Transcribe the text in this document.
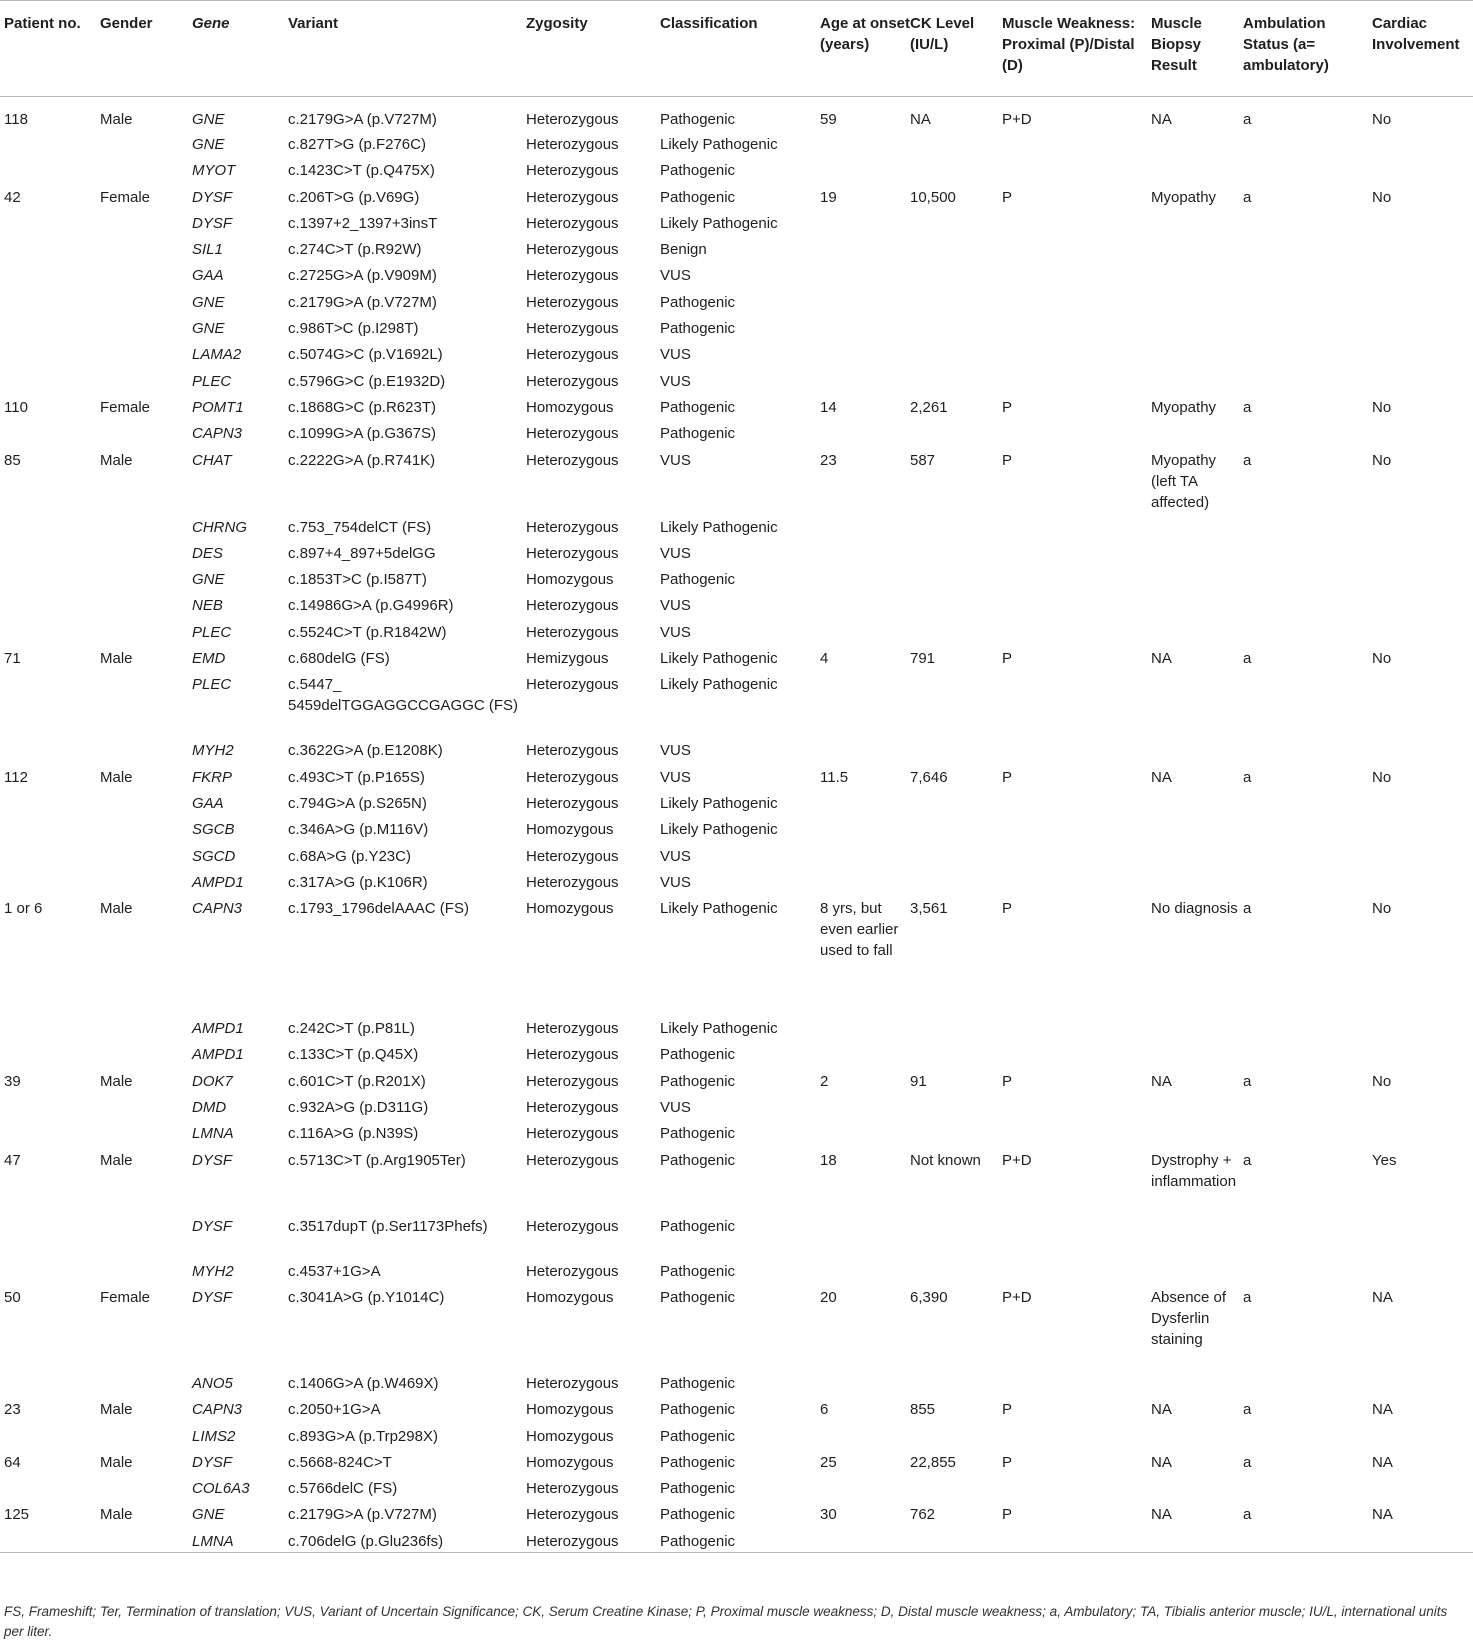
Patient no.	Gender	Gene	Variant	Zygosity	Classification	Age at onset (years)	CK Level (IU/L)	Muscle Weakness: Proximal (P)/Distal (D)	Muscle Biopsy Result	Ambulation Status (a= ambulatory)	Cardiac Involvement
118	Male	GNE	c.2179G>A (p.V727M)	Heterozygous	Pathogenic	59	NA	P+D	NA	a	No
		GNE	c.827T>G (p.F276C)	Heterozygous	Likely Pathogenic						
		MYOT	c.1423C>T (p.Q475X)	Heterozygous	Pathogenic						
42	Female	DYSF	c.206T>G (p.V69G)	Heterozygous	Pathogenic	19	10,500	P	Myopathy	a	No
		DYSF	c.1397+2_1397+3insT	Heterozygous	Likely Pathogenic						
		SIL1	c.274C>T (p.R92W)	Heterozygous	Benign						
		GAA	c.2725G>A (p.V909M)	Heterozygous	VUS						
		GNE	c.2179G>A (p.V727M)	Heterozygous	Pathogenic						
		GNE	c.986T>C (p.I298T)	Heterozygous	Pathogenic						
		LAMA2	c.5074G>C (p.V1692L)	Heterozygous	VUS						
		PLEC	c.5796G>C (p.E1932D)	Heterozygous	VUS						
110	Female	POMT1	c.1868G>C (p.R623T)	Homozygous	Pathogenic	14	2,261	P	Myopathy	a	No
		CAPN3	c.1099G>A (p.G367S)	Heterozygous	Pathogenic						
85	Male	CHAT	c.2222G>A (p.R741K)	Heterozygous	VUS	23	587	P	Myopathy (left TA affected)	a	No
		CHRNG	c.753_754delCT (FS)	Heterozygous	Likely Pathogenic						
		DES	c.897+4_897+5delGG	Heterozygous	VUS						
		GNE	c.1853T>C (p.I587T)	Homozygous	Pathogenic						
		NEB	c.14986G>A (p.G4996R)	Heterozygous	VUS						
		PLEC	c.5524C>T (p.R1842W)	Heterozygous	VUS						
71	Male	EMD	c.680delG (FS)	Hemizygous	Likely Pathogenic	4	791	P	NA	a	No
		PLEC	c.5447_ 5459delTGGAGGCCGAGGC (FS)	Heterozygous	Likely Pathogenic						
		MYH2	c.3622G>A (p.E1208K)	Heterozygous	VUS						
112	Male	FKRP	c.493C>T (p.P165S)	Heterozygous	VUS	11.5	7,646	P	NA	a	No
		GAA	c.794G>A (p.S265N)	Heterozygous	Likely Pathogenic						
		SGCB	c.346A>G (p.M116V)	Homozygous	Likely Pathogenic						
		SGCD	c.68A>G (p.Y23C)	Heterozygous	VUS						
		AMPD1	c.317A>G (p.K106R)	Heterozygous	VUS						
1 or 6	Male	CAPN3	c.1793_1796delAAAC (FS)	Homozygous	Likely Pathogenic	8 yrs, but even earlier used to fall	3,561	P	No diagnosis	a	No
		AMPD1	c.242C>T (p.P81L)	Heterozygous	Likely Pathogenic						
		AMPD1	c.133C>T (p.Q45X)	Heterozygous	Pathogenic						
39	Male	DOK7	c.601C>T (p.R201X)	Heterozygous	Pathogenic	2	91	P	NA	a	No
		DMD	c.932A>G (p.D311G)	Heterozygous	VUS						
		LMNA	c.116A>G (p.N39S)	Heterozygous	Pathogenic						
47	Male	DYSF	c.5713C>T (p.Arg1905Ter)	Heterozygous	Pathogenic	18	Not known	P+D	Dystrophy + inflammation	a	Yes
		DYSF	c.3517dupT (p.Ser1173Phefs)	Heterozygous	Pathogenic						
		MYH2	c.4537+1G>A	Heterozygous	Pathogenic						
50	Female	DYSF	c.3041A>G (p.Y1014C)	Homozygous	Pathogenic	20	6,390	P+D	Absence of Dysferlin staining	a	NA
		ANO5	c.1406G>A (p.W469X)	Heterozygous	Pathogenic						
23	Male	CAPN3	c.2050+1G>A	Homozygous	Pathogenic	6	855	P	NA	a	NA
		LIMS2	c.893G>A (p.Trp298X)	Homozygous	Pathogenic						
64	Male	DYSF	c.5668-824C>T	Homozygous	Pathogenic	25	22,855	P	NA	a	NA
		COL6A3	c.5766delC (FS)	Heterozygous	Pathogenic						
125	Male	GNE	c.2179G>A (p.V727M)	Heterozygous	Pathogenic	30	762	P	NA	a	NA
		LMNA	c.706delG (p.Glu236fs)	Heterozygous	Pathogenic						
FS, Frameshift; Ter, Termination of translation; VUS, Variant of Uncertain Significance; CK, Serum Creatine Kinase; P, Proximal muscle weakness; D, Distal muscle weakness; a, Ambulatory; TA, Tibialis anterior muscle; IU/L, international units per liter.
